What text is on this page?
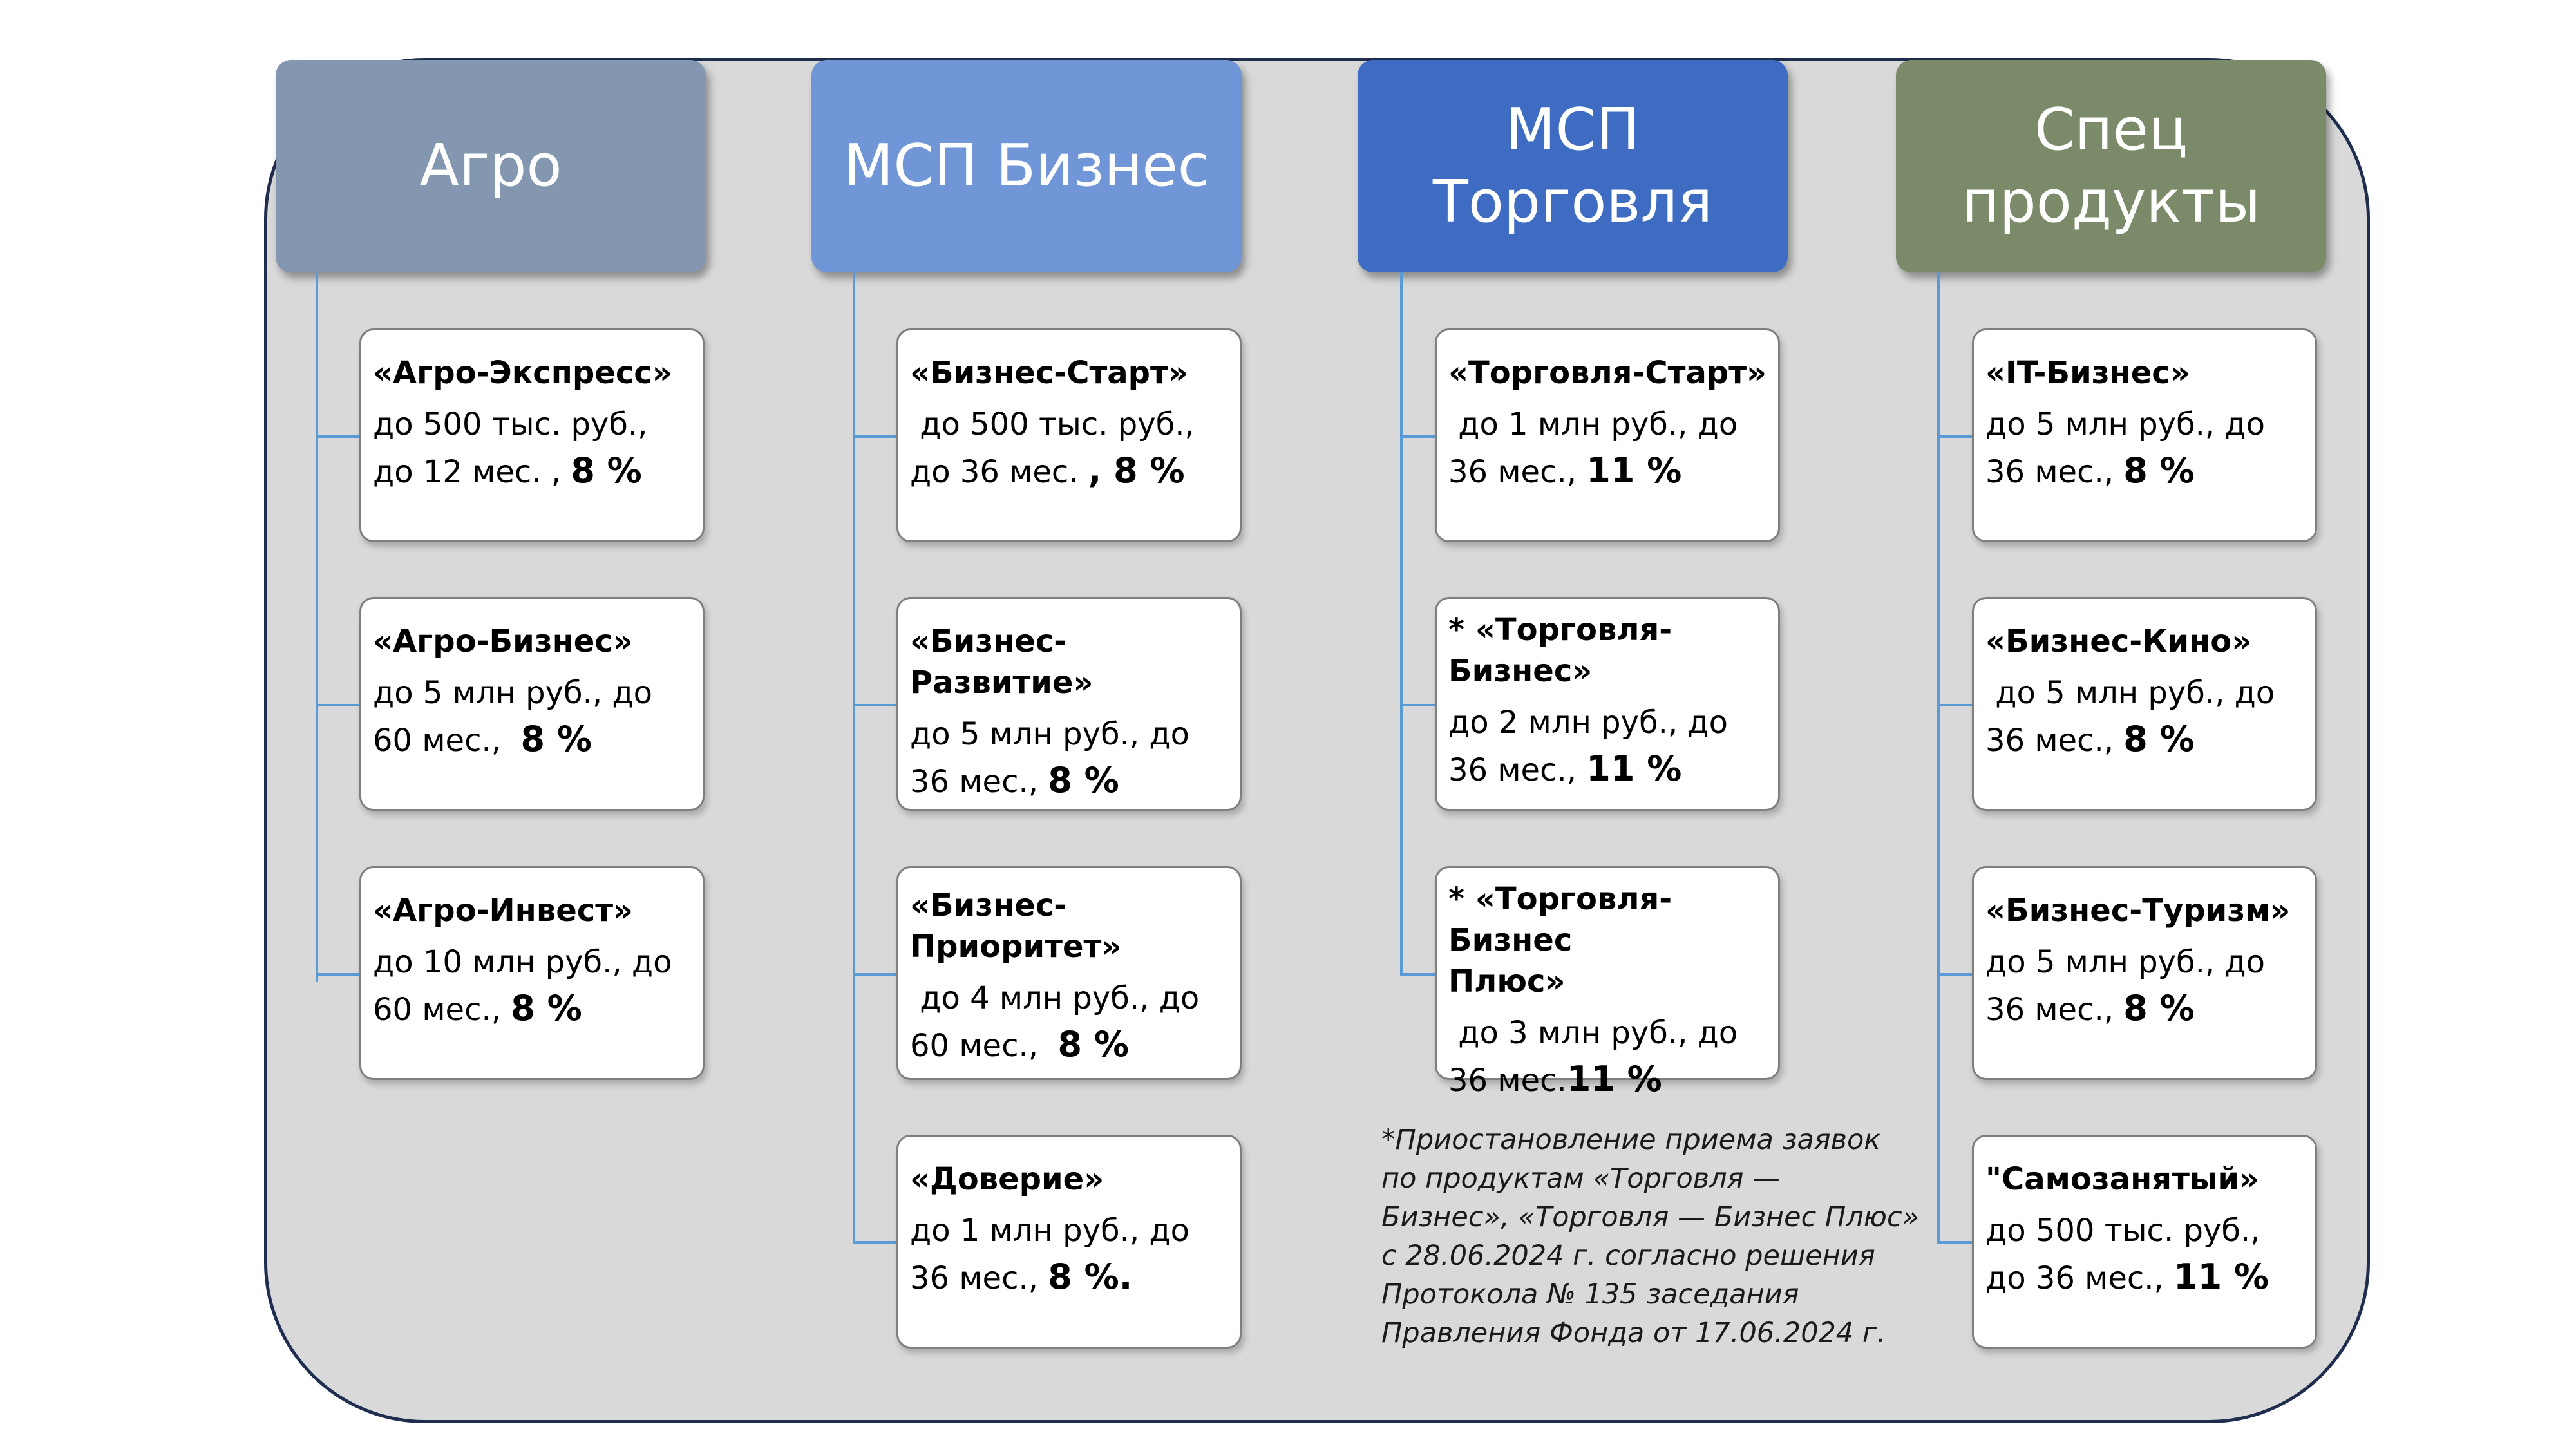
Агро
«Агро-Экспресс»
до 500 тыс. руб., до 12 мес. , 8 %
«Агро-Бизнес»
до 5 млн руб., до 60 мес.,  8 %
«Агро-Инвест»
до 10 млн руб., до 60 мес., 8 %
МСП Бизнес
«Бизнес-Старт»
до 500 тыс. руб., до 36 мес. , 8 %
«Бизнес-Развитие»
до 5 млн руб., до 36 мес., 8 %
«Бизнес-
Приоритет»
до 4 млн руб., до 60 мес.,  8 %
«Доверие»
до 1 млн руб., до 36 мес., 8 %.
МСП Торговля
«Торговля-Старт»
до 1 млн руб., до 36 мес., 11 %
* «Торговля-
Бизнес»
до 2 млн руб., до 36 мес., 11 %
* «Торговля-Бизнес
Плюс»
до 3 млн руб., до 36 мес.11 %
*Приостановление приема заявок
по продуктам «Торговля —
Бизнес», «Торговля — Бизнес Плюс»
с 28.06.2024 г. согласно решения
Протокола № 135 заседания
Правления Фонда от 17.06.2024 г.
Спец
продукты
«IT-Бизнес»
до 5 млн руб., до 36 мес., 8 %
«Бизнес-Кино»
до 5 млн руб., до 36 мес., 8 %
«Бизнес-Туризм»
до 5 млн руб., до 36 мес., 8 %
"Самозанятый»
до 500 тыс. руб., до 36 мес., 11 %
